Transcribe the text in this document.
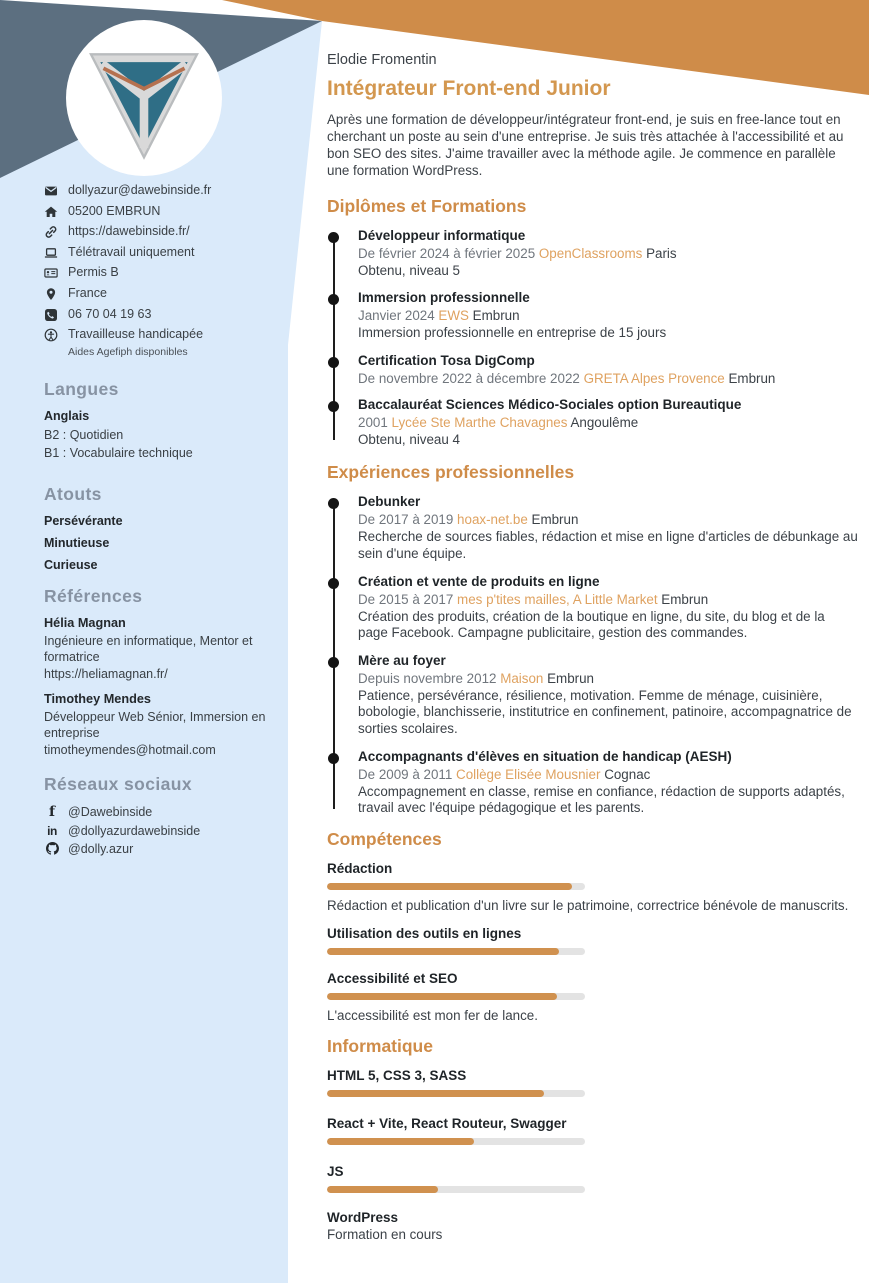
dollyazur@dawebinside.fr
05200 EMBRUN
https://dawebinside.fr/
Télétravail uniquement
Permis B
France
06 70 04 19 63
Travailleuse handicapée
Aides Agefiph disponibles
Langues
Anglais
B2 : Quotidien
B1 : Vocabulaire technique
Atouts
Persévérante
Minutieuse
Curieuse
Références
Hélia Magnan
Ingénieure en informatique, Mentor et formatrice
https://heliamagnan.fr/
Timothey Mendes
Développeur Web Sénior, Immersion en entreprise
timotheymendes@hotmail.com
Réseaux sociaux
f	@Dawebinside
in @dollyazurdawebinside
@dolly.azur
Elodie Fromentin
Intégrateur Front-end Junior

Après une formation de développeur/intégrateur front-end, je suis en free-lance tout en cherchant un poste au sein d'une entreprise. Je suis très attachée à l'accessibilité et au bon SEO des sites. J'aime travailler avec la méthode agile. Je commence en parallèle une formation WordPress.

Diplômes et Formations
Développeur informatique
De février 2024 à février 2025 OpenClassrooms Paris
Obtenu, niveau 5
Immersion professionnelle
Janvier 2024 EWS Embrun
Immersion professionnelle en entreprise de 15 jours
Certification Tosa DigComp
De novembre 2022 à décembre 2022 GRETA Alpes Provence Embrun
Baccalauréat Sciences Médico-Sociales option Bureautique
2001 Lycée Ste Marthe Chavagnes Angoulême
Obtenu, niveau 4
Expériences professionnelles
Debunker
De 2017 à 2019 hoax-net.be Embrun
Recherche de sources fiables, rédaction et mise en ligne d'articles de débunkage au sein d'une équipe.
Création et vente de produits en ligne
De 2015 à 2017 mes p'tites mailles, A Little Market Embrun
Création des produits, création de la boutique en ligne, du site, du blog et de la page Facebook. Campagne publicitaire, gestion des commandes.
Mère au foyer
Depuis novembre 2012 Maison Embrun
Patience, persévérance, résilience, motivation. Femme de ménage, cuisinière, bobologie, blanchisserie, institutrice en confinement, patinoire, accompagnatrice de sorties scolaires.
Accompagnants d'élèves en situation de handicap (AESH)
De 2009 à 2011 Collège Elisée Mousnier Cognac
Accompagnement en classe, remise en confiance, rédaction de supports adaptés, travail avec l'équipe pédagogique et les parents.
Compétences
Rédaction
Rédaction et publication d'un livre sur le patrimoine, correctrice bénévole de manuscrits.
Utilisation des outils en lignes
Accessibilité et SEO
L'accessibilité est mon fer de lance.
Informatique
HTML 5, CSS 3, SASS
React + Vite, React Routeur, Swagger
JS
WordPress
Formation en cours
